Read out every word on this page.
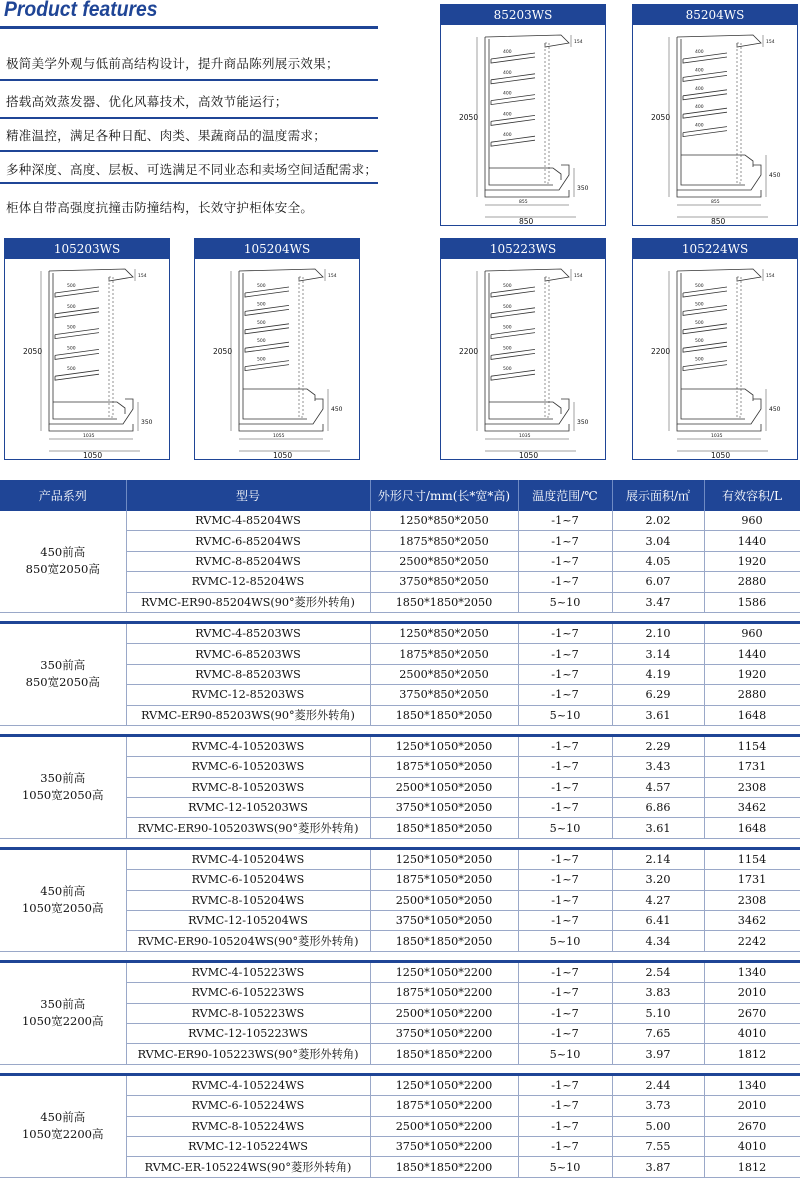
Product features
极简美学外观与低前高结构设计，提升商品陈列展示效果；
搭载高效蒸发器、优化风幕技术，高效节能运行；
精准温控，满足各种日配、肉类、果蔬商品的温度需求；
多种深度、高度、层板、可选满足不同业态和卖场空间适配需求；
柜体自带高强度抗撞击防撞结构，长效守护柜体安全。
85203WS
400
400
400
400
400
2050
855
850
350
154
85204WS
400
400
400
400
400
2050
855
850
450
154
105203WS
500
500
500
500
500
2050
1035
1050
350
154
105204WS
500
500
500
500
500
2050
1055
1050
450
154
105223WS
500
500
500
500
500
2200
1035
1050
350
154
105224WS
500
500
500
500
500
2200
1035
1050
450
154
产品系列	型号	外形尺寸/mm(长*宽*高)	温度范围/℃	展示面积/㎡	有效容积/L

450前高
850宽2050高	RVMC-4-85204WS	1250*850*2050	-1~7	2.02	960
	RVMC-6-85204WS	1875*850*2050	-1~7	3.04	1440
	RVMC-8-85204WS	2500*850*2050	-1~7	4.05	1920
	RVMC-12-85204WS	3750*850*2050	-1~7	6.07	2880
	RVMC-ER90-85204WS(90°菱形外转角)	1850*1850*2050	5~10	3.47	1586

350前高
850宽2050高	RVMC-4-85203WS	1250*850*2050	-1~7	2.10	960
	RVMC-6-85203WS	1875*850*2050	-1~7	3.14	1440
	RVMC-8-85203WS	2500*850*2050	-1~7	4.19	1920
	RVMC-12-85203WS	3750*850*2050	-1~7	6.29	2880
	RVMC-ER90-85203WS(90°菱形外转角)	1850*1850*2050	5~10	3.61	1648

350前高
1050宽2050高	RVMC-4-105203WS	1250*1050*2050	-1~7	2.29	1154
	RVMC-6-105203WS	1875*1050*2050	-1~7	3.43	1731
	RVMC-8-105203WS	2500*1050*2050	-1~7	4.57	2308
	RVMC-12-105203WS	3750*1050*2050	-1~7	6.86	3462
	RVMC-ER90-105203WS(90°菱形外转角)	1850*1850*2050	5~10	3.61	1648

450前高
1050宽2050高	RVMC-4-105204WS	1250*1050*2050	-1~7	2.14	1154
	RVMC-6-105204WS	1875*1050*2050	-1~7	3.20	1731
	RVMC-8-105204WS	2500*1050*2050	-1~7	4.27	2308
	RVMC-12-105204WS	3750*1050*2050	-1~7	6.41	3462
	RVMC-ER90-105204WS(90°菱形外转角)	1850*1850*2050	5~10	4.34	2242

350前高
1050宽2200高	RVMC-4-105223WS	1250*1050*2200	-1~7	2.54	1340
	RVMC-6-105223WS	1875*1050*2200	-1~7	3.83	2010
	RVMC-8-105223WS	2500*1050*2200	-1~7	5.10	2670
	RVMC-12-105223WS	3750*1050*2200	-1~7	7.65	4010
	RVMC-ER90-105223WS(90°菱形外转角)	1850*1850*2200	5~10	3.97	1812

450前高
1050宽2200高	RVMC-4-105224WS	1250*1050*2200	-1~7	2.44	1340
	RVMC-6-105224WS	1875*1050*2200	-1~7	3.73	2010
	RVMC-8-105224WS	2500*1050*2200	-1~7	5.00	2670
	RVMC-12-105224WS	3750*1050*2200	-1~7	7.55	4010
	RVMC-ER-105224WS(90°菱形外转角)	1850*1850*2200	5~10	3.87	1812
